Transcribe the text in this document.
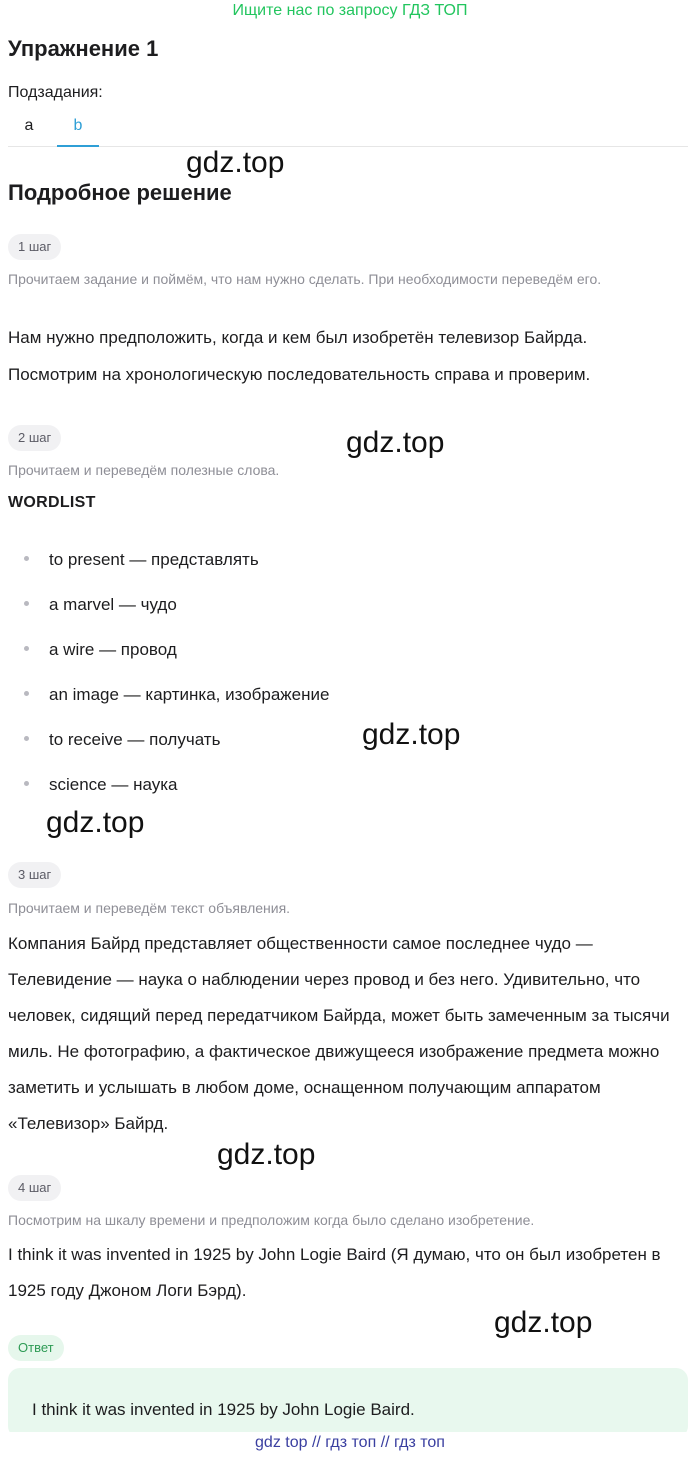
Ищите нас по запросу ГДЗ ТОП
Упражнение 1
Подзадания:
a	b
gdz.top
Подробное решение
1 шаг
Прочитаем задание и поймём, что нам нужно сделать. При необходимости переведём его.
Нам нужно предположить, когда и кем был изобретён телевизор Байрда.
Посмотрим на хронологическую последовательность справа и проверим.
2 шаг	gdz.top
Прочитаем и переведём полезные слова.
WORDLIST
to present — представлять
a marvel — чудо
a wire — провод
an image — картинка, изображение
to receive — получать
science — наука
gdz.top
gdz.top
3 шаг
Прочитаем и переведём текст объявления.
Компания Байрд представляет общественности самое последнее чудо — Телевидение — наука о наблюдении через провод и без него. Удивительно, что человек, сидящий перед передатчиком Байрда, может быть замеченным за тысячи миль. Не фотографию, а фактическое движущееся изображение предмета можно заметить и услышать в любом доме, оснащенном получающим аппаратом «Телевизор» Байрд.
gdz.top
4 шаг
Посмотрим на шкалу времени и предположим когда было сделано изобретение.
I think it was invented in 1925 by John Logie Baird (Я думаю, что он был изобретен в 1925 году Джоном Логи Бэрд).
gdz.top
Ответ
I think it was invented in 1925 by John Logie Baird.
gdz top // гдз топ // гдз топ
